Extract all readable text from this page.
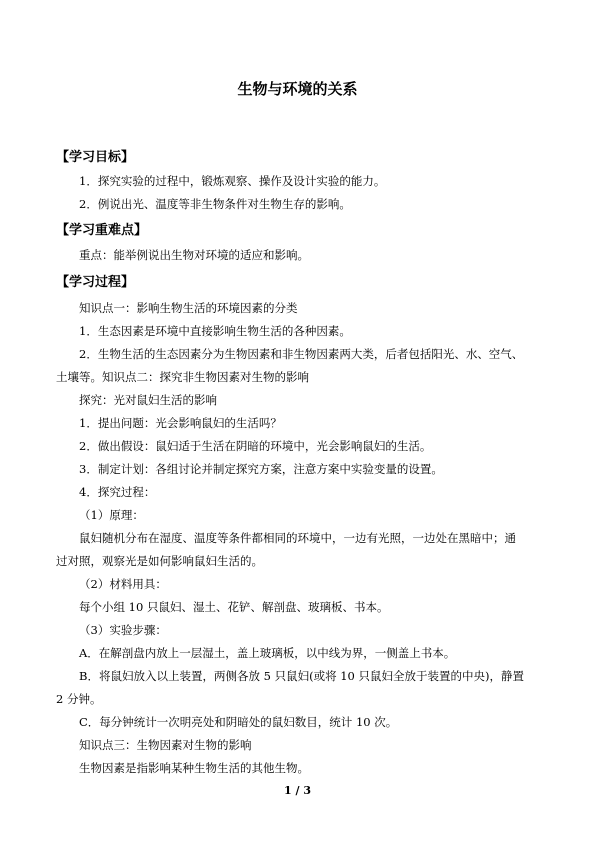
生物与环境的关系
【学习目标】
1．探究实验的过程中，锻炼观察、操作及设计实验的能力。
2．例说出光、温度等非生物条件对生物生存的影响。
【学习重难点】
重点：能举例说出生物对环境的适应和影响。
【学习过程】
知识点一：影响生物生活的环境因素的分类
1．生态因素是环境中直接影响生物生活的各种因素。
2．生物生活的生态因素分为生物因素和非生物因素两大类，后者包括阳光、水、空气、
土壤等。知识点二：探究非生物因素对生物的影响
探究：光对鼠妇生活的影响
1．提出问题：光会影响鼠妇的生活吗？
2．做出假设：鼠妇适于生活在阴暗的环境中，光会影响鼠妇的生活。
3．制定计划：各组讨论并制定探究方案，注意方案中实验变量的设置。
4．探究过程：
（1）原理：
鼠妇随机分布在湿度、温度等条件都相同的环境中，一边有光照，一边处在黑暗中；通
过对照，观察光是如何影响鼠妇生活的。
（2）材料用具：
每个小组 10 只鼠妇、湿土、花铲、解剖盘、玻璃板、书本。
（3）实验步骤：
A．在解剖盘内放上一层湿土，盖上玻璃板，以中线为界，一侧盖上书本。
B．将鼠妇放入以上装置，两侧各放 5 只鼠妇(或将 10 只鼠妇全放于装置的中央)，静置
2 分钟。
C．每分钟统计一次明亮处和阴暗处的鼠妇数目，统计 10 次。
知识点三：生物因素对生物的影响
生物因素是指影响某种生物生活的其他生物。
1 / 3
